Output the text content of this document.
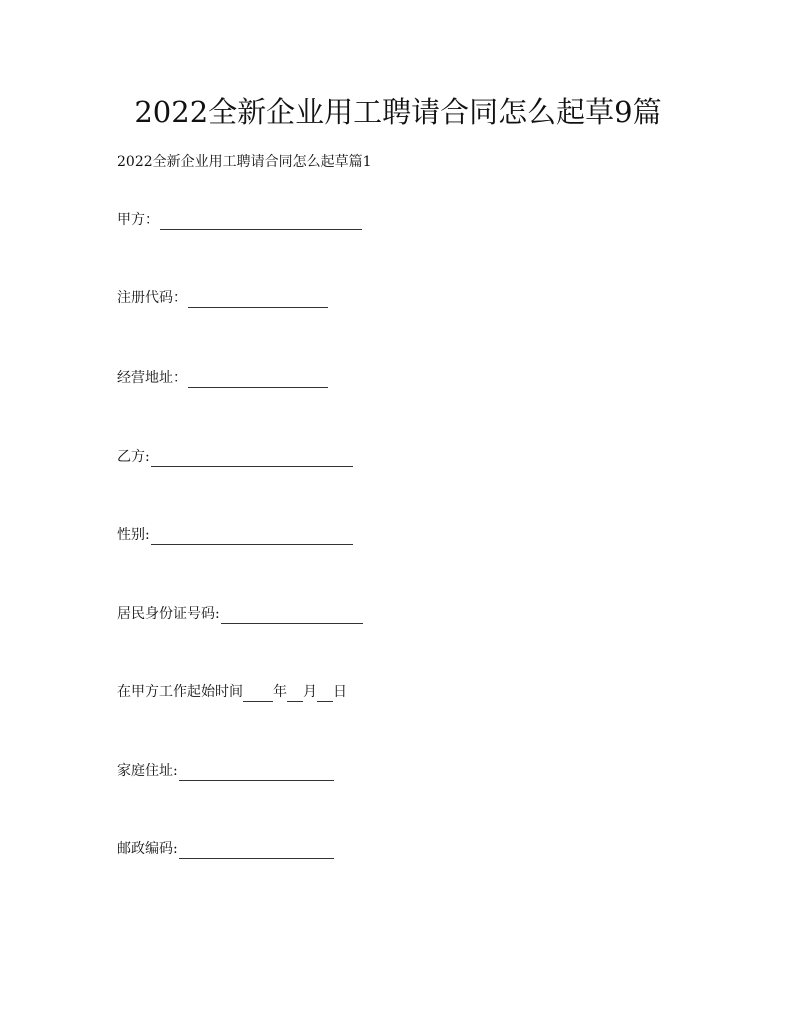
2022全新企业用工聘请合同怎么起草9篇

2022全新企业用工聘请合同怎么起草篇1

甲方：
注册代码：
经营地址：
乙方:
性别:
居民身份证号码:
在甲方工作起始时间 年 月 日
家庭住址:
邮政编码:
